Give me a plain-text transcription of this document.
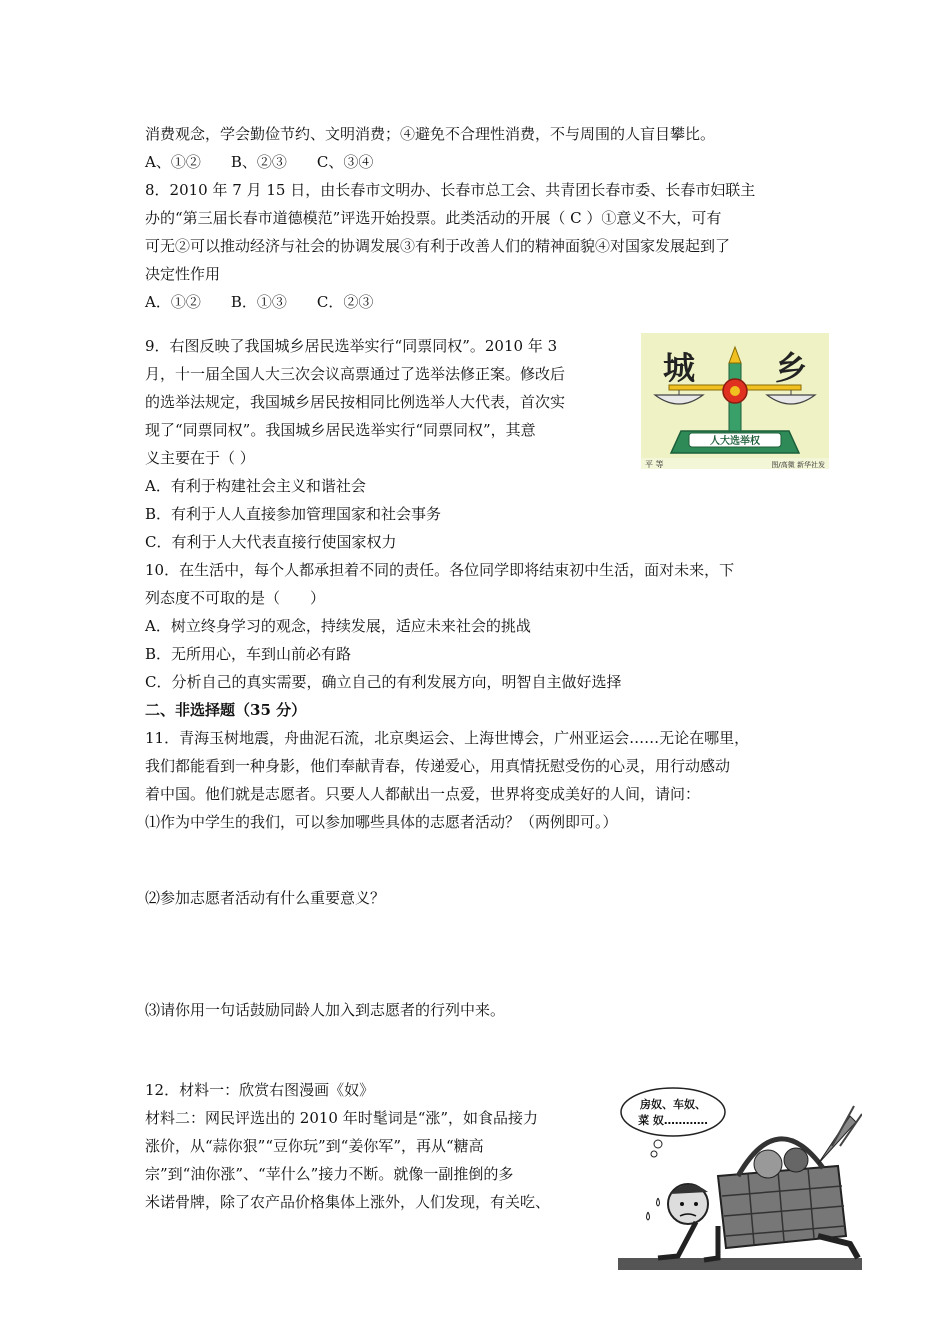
消费观念，学会勤俭节约、文明消费；④避免不合理性消费，不与周围的人盲目攀比。
A、①②　　B、②③　　C、③④
8．2010 年 7 月 15 日，由长春市文明办、长春市总工会、共青团长春市委、长春市妇联主
办的“第三届长春市道德模范”评选开始投票。此类活动的开展（ C ）①意义不大，可有
可无②可以推动经济与社会的协调发展③有利于改善人们的精神面貌④对国家发展起到了
决定性作用
A．①②　　B．①③　　C．②③
9．右图反映了我国城乡居民选举实行“同票同权”。2010 年 3
月，十一届全国人大三次会议高票通过了选举法修正案。修改后
的选举法规定，我国城乡居民按相同比例选举人大代表，首次实
现了“同票同权”。我国城乡居民选举实行“同票同权”，其意
义主要在于（ ）
A．有利于构建社会主义和谐社会
B．有利于人人直接参加管理国家和社会事务
C．有利于人大代表直接行使国家权力
10．在生活中，每个人都承担着不同的责任。各位同学即将结束初中生活，面对未来，下
列态度不可取的是（　　）
A．树立终身学习的观念，持续发展，适应未来社会的挑战
B．无所用心，车到山前必有路
C．分析自己的真实需要，确立自己的有利发展方向，明智自主做好选择
二、非选择题（35 分）
11．青海玉树地震，舟曲泥石流，北京奥运会、上海世博会，广州亚运会……无论在哪里，
我们都能看到一种身影，他们奉献青春，传递爱心，用真情抚慰受伤的心灵，用行动感动
着中国。他们就是志愿者。只要人人都献出一点爱，世界将变成美好的人间，请问：
⑴作为中学生的我们，可以参加哪些具体的志愿者活动？（两例即可。）
⑵参加志愿者活动有什么重要意义？
⑶请你用一句话鼓励同龄人加入到志愿者的行列中来。
12．材料一：欣赏右图漫画《奴》
材料二：网民评选出的 2010 年时髦词是“涨”，如食品接力
涨价，从“蒜你狠”“豆你玩”到“姜你军”，再从“糖高
宗”到“油你涨”、“苹什么”接力不断。就像一副推倒的多
米诺骨牌，除了农产品价格集体上涨外，人们发现，有关吃、
城 乡
人大选举权
平 等	图/高微 新华社发
房奴、车奴、
菜 奴…………
